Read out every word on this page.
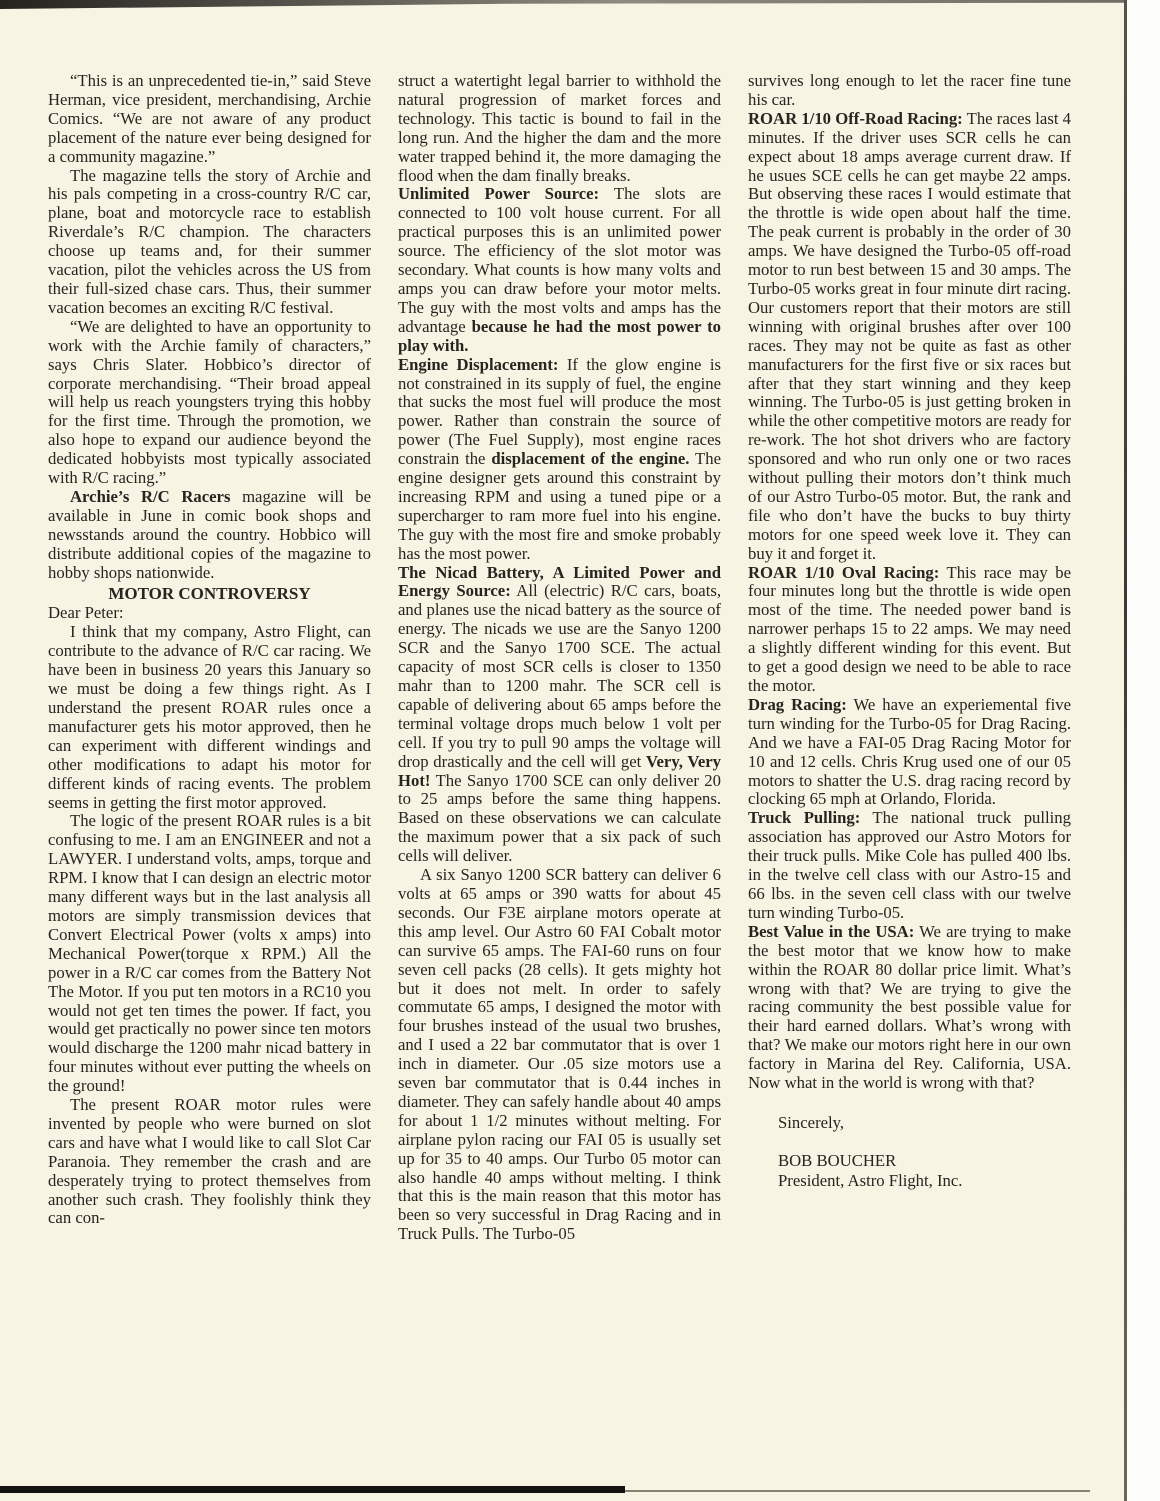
“This is an unprecedented tie-in,” said Steve Herman, vice president, merchandising, Archie Comics. “We are not aware of any product placement of the nature ever being designed for a community magazine.”

The magazine tells the story of Archie and his pals competing in a cross-country R/C car, plane, boat and motorcycle race to establish Riverdale’s R/C champion. The characters choose up teams and, for their summer vacation, pilot the vehicles across the US from their full-sized chase cars. Thus, their summer vacation becomes an exciting R/C festival.

“We are delighted to have an opportunity to work with the Archie family of characters,” says Chris Slater. Hobbico’s director of corporate merchandising. “Their broad appeal will help us reach youngsters trying this hobby for the first time. Through the promotion, we also hope to expand our audience beyond the dedicated hobbyists most typically associated with R/C racing.”

Archie’s R/C Racers magazine will be available in June in comic book shops and newsstands around the country. Hobbico will distribute additional copies of the magazine to hobby shops nationwide.

MOTOR CONTROVERSY

Dear Peter:

I think that my company, Astro Flight, can contribute to the advance of R/C car racing. We have been in business 20 years this January so we must be doing a few things right. As I understand the present ROAR rules once a manufacturer gets his motor approved, then he can experiment with different windings and other modifications to adapt his motor for different kinds of racing events. The problem seems in getting the first motor approved.

The logic of the present ROAR rules is a bit confusing to me. I am an ENGINEER and not a LAWYER. I understand volts, amps, torque and RPM. I know that I can design an electric motor many different ways but in the last analysis all motors are simply transmission devices that Convert Electrical Power (volts x amps) into Mechanical Power(torque x RPM.) All the power in a R/C car comes from the Battery Not The Motor. If you put ten motors in a RC10 you would not get ten times the power. If fact, you would get practically no power since ten motors would discharge the 1200 mahr nicad battery in four minutes without ever putting the wheels on the ground!

The present ROAR motor rules were invented by people who were burned on slot cars and have what I would like to call Slot Car Paranoia. They remember the crash and are desperately trying to protect themselves from another such crash. They foolishly think they can con-

struct a watertight legal barrier to withhold the natural progression of market forces and technology. This tactic is bound to fail in the long run. And the higher the dam and the more water trapped behind it, the more damaging the flood when the dam finally breaks.

Unlimited Power Source: The slots are connected to 100 volt house current. For all practical purposes this is an unlimited power source. The efficiency of the slot motor was secondary. What counts is how many volts and amps you can draw before your motor melts. The guy with the most volts and amps has the advantage because he had the most power to play with.

Engine Displacement: If the glow engine is not constrained in its supply of fuel, the engine that sucks the most fuel will produce the most power. Rather than constrain the source of power (The Fuel Supply), most engine races constrain the displacement of the engine. The engine designer gets around this constraint by increasing RPM and using a tuned pipe or a supercharger to ram more fuel into his engine. The guy with the most fire and smoke probably has the most power.

The Nicad Battery, A Limited Power and Energy Source: All (electric) R/C cars, boats, and planes use the nicad battery as the source of energy. The nicads we use are the Sanyo 1200 SCR and the Sanyo 1700 SCE. The actual capacity of most SCR cells is closer to 1350 mahr than to 1200 mahr. The SCR cell is capable of delivering about 65 amps before the terminal voltage drops much below 1 volt per cell. If you try to pull 90 amps the voltage will drop drastically and the cell will get Very, Very Hot! The Sanyo 1700 SCE can only deliver 20 to 25 amps before the same thing happens. Based on these observations we can calculate the maximum power that a six pack of such cells will deliver.

A six Sanyo 1200 SCR battery can deliver 6 volts at 65 amps or 390 watts for about 45 seconds. Our F3E airplane motors operate at this amp level. Our Astro 60 FAI Cobalt motor can survive 65 amps. The FAI-60 runs on four seven cell packs (28 cells). It gets mighty hot but it does not melt. In order to safely commutate 65 amps, I designed the motor with four brushes instead of the usual two brushes, and I used a 22 bar commutator that is over 1 inch in diameter. Our .05 size motors use a seven bar commutator that is 0.44 inches in diameter. They can safely handle about 40 amps for about 1 1/2 minutes without melting. For airplane pylon racing our FAI 05 is usually set up for 35 to 40 amps. Our Turbo 05 motor can also handle 40 amps without melting. I think that this is the main reason that this motor has been so very successful in Drag Racing and in Truck Pulls. The Turbo-05

survives long enough to let the racer fine tune his car.

ROAR 1/10 Off-Road Racing: The races last 4 minutes. If the driver uses SCR cells he can expect about 18 amps average current draw. If he usues SCE cells he can get maybe 22 amps. But observing these races I would estimate that the throttle is wide open about half the time. The peak current is probably in the order of 30 amps. We have designed the Turbo-05 off-road motor to run best between 15 and 30 amps. The Turbo-05 works great in four minute dirt racing. Our customers report that their motors are still winning with original brushes after over 100 races. They may not be quite as fast as other manufacturers for the first five or six races but after that they start winning and they keep winning. The Turbo-05 is just getting broken in while the other competitive motors are ready for re-work. The hot shot drivers who are factory sponsored and who run only one or two races without pulling their motors don’t think much of our Astro Turbo-05 motor. But, the rank and file who don’t have the bucks to buy thirty motors for one speed week love it. They can buy it and forget it.

ROAR 1/10 Oval Racing: This race may be four minutes long but the throttle is wide open most of the time. The needed power band is narrower perhaps 15 to 22 amps. We may need a slightly different winding for this event. But to get a good design we need to be able to race the motor.

Drag Racing: We have an experiemental five turn winding for the Turbo-05 for Drag Racing. And we have a FAI-05 Drag Racing Motor for 10 and 12 cells. Chris Krug used one of our 05 motors to shatter the U.S. drag racing record by clocking 65 mph at Orlando, Florida.

Truck Pulling: The national truck pulling association has approved our Astro Motors for their truck pulls. Mike Cole has pulled 400 lbs. in the twelve cell class with our Astro-15 and 66 lbs. in the seven cell class with our twelve turn winding Turbo-05.

Best Value in the USA: We are trying to make the best motor that we know how to make within the ROAR 80 dollar price limit. What’s wrong with that? We are trying to give the racing community the best possible value for their hard earned dollars. What’s wrong with that? We make our motors right here in our own factory in Marina del Rey. California, USA. Now what in the world is wrong with that?

Sincerely,
BOB BOUCHER
President, Astro Flight, Inc.
